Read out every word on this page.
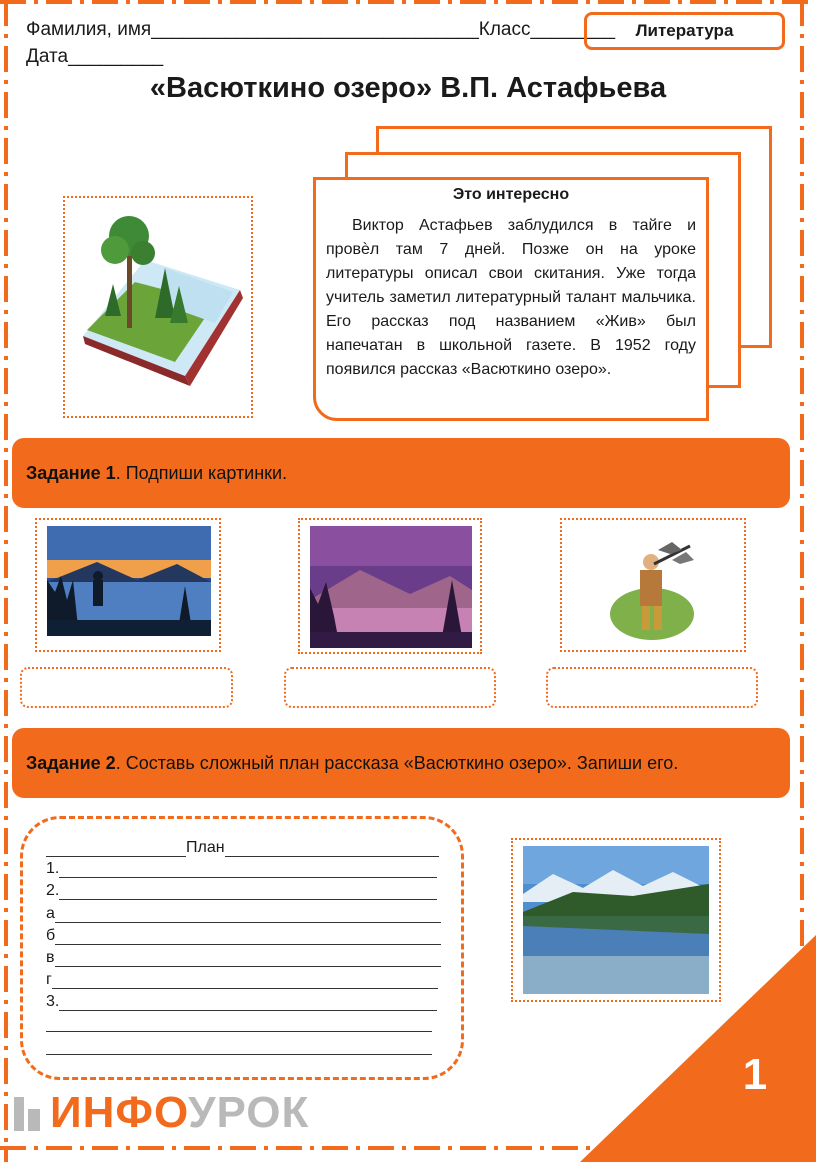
Фамилия, имя_______________________________Класс________
Дата_________
Литература
«Васюткино озеро» В.П. Астафьева
Это интересно
Виктор Астафьев заблудился в тайге и провѐл там 7 дней. Позже он на уроке литературы описал свои скитания. Уже тогда учитель заметил литературный талант мальчика. Его рассказ под названием «Жив» был напечатан в школьной газете. В 1952 году появился рассказ «Васюткино озеро».
Задание 1 . Подпиши картинки.
Задание 2 . Составь сложный план рассказа «Васюткино озеро». Запиши его.
План
1.
2.
а
б
в
г
3.
1
ИНФОУРОК
